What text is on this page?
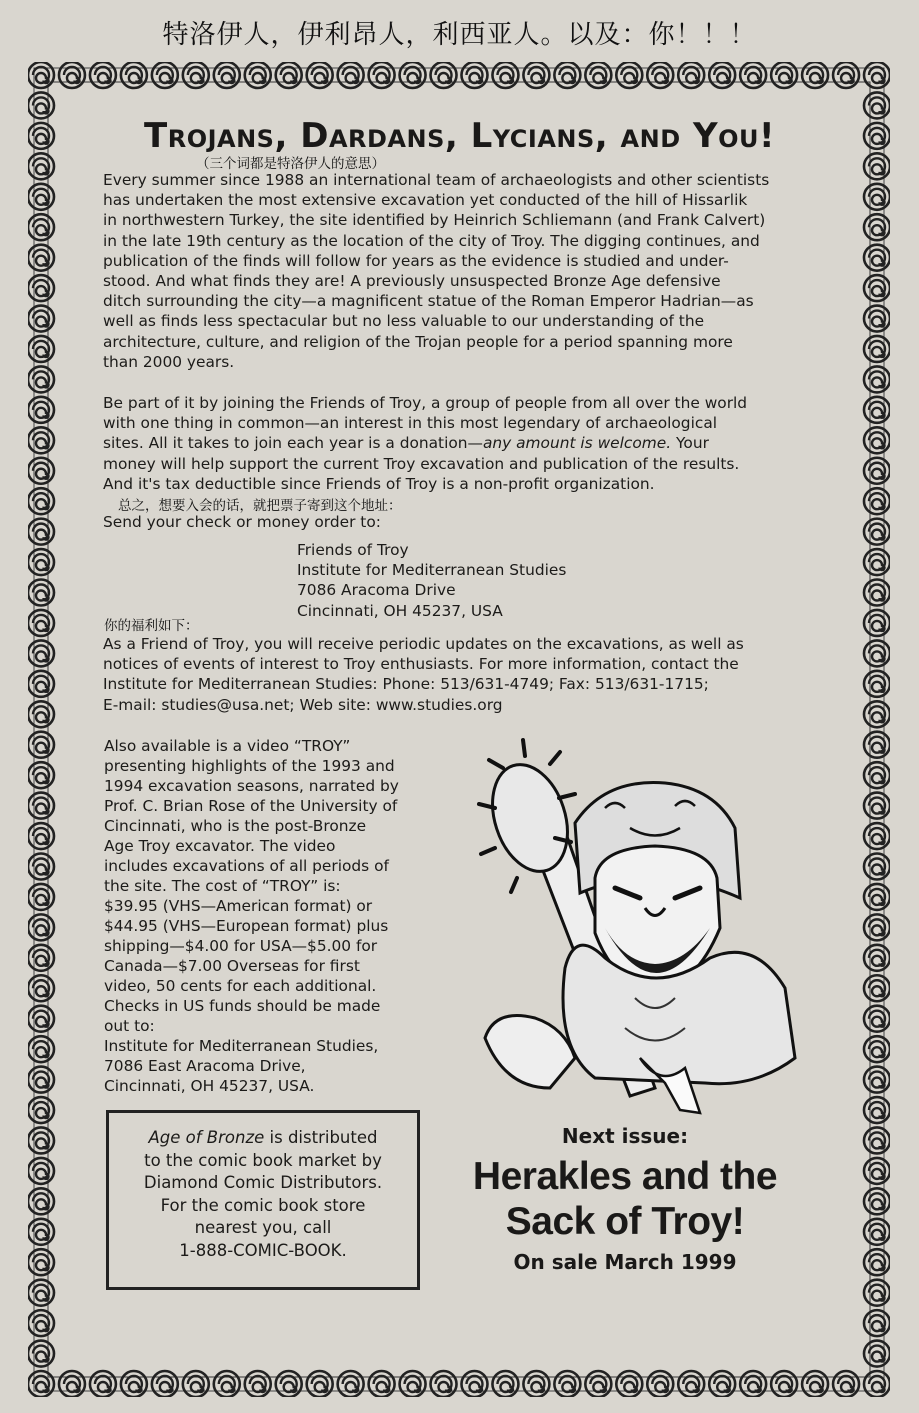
特洛伊人，伊利昂人，利西亚人。以及：你！！！
Trojans, Dardans, Lycians, and You!
（三个词都是特洛伊人的意思）
Every summer since 1988 an international team of archaeologists and other scientists
has undertaken the most extensive excavation yet conducted of the hill of Hissarlik
in northwestern Turkey, the site identified by Heinrich Schliemann (and Frank Calvert)
in the late 19th century as the location of the city of Troy. The digging continues, and
publication of the finds will follow for years as the evidence is studied and under-
stood. And what finds they are! A previously unsuspected Bronze Age defensive
ditch surrounding the city—a magnificent statue of the Roman Emperor Hadrian—as
well as finds less spectacular but no less valuable to our understanding of the
architecture, culture, and religion of the Trojan people for a period spanning more
than 2000 years.
Be part of it by joining the Friends of Troy, a group of people from all over the world
with one thing in common—an interest in this most legendary of archaeological
sites. All it takes to join each year is a donation—any amount is welcome. Your
money will help support the current Troy excavation and publication of the results.
And it's tax deductible since Friends of Troy is a non-profit organization.
总之，想要入会的话，就把票子寄到这个地址：
Send your check or money order to:
Friends of Troy
Institute for Mediterranean Studies
7086 Aracoma Drive
Cincinnati, OH 45237, USA
你的福利如下：
As a Friend of Troy, you will receive periodic updates on the excavations, as well as
notices of events of interest to Troy enthusiasts. For more information, contact the
Institute for Mediterranean Studies: Phone: 513/631-4749; Fax: 513/631-1715;
E-mail: studies@usa.net; Web site: www.studies.org
Also available is a video “TROY”
presenting highlights of the 1993 and
1994 excavation seasons, narrated by
Prof. C. Brian Rose of the University of
Cincinnati, who is the post-Bronze
Age Troy excavator. The video
includes excavations of all periods of
the site. The cost of “TROY” is:
$39.95 (VHS—American format) or
$44.95 (VHS—European format) plus
shipping—$4.00 for USA—$5.00 for
Canada—$7.00 Overseas for first
video, 50 cents for each additional.
Checks in US funds should be made
out to:
Institute for Mediterranean Studies,
7086 East Aracoma Drive,
Cincinnati, OH 45237, USA.
Age of Bronze is distributed
to the comic book market by
Diamond Comic Distributors.
For the comic book store
nearest you, call
1-888-COMIC-BOOK.
Next issue:
Herakles and the
Sack of Troy!
On sale March 1999
